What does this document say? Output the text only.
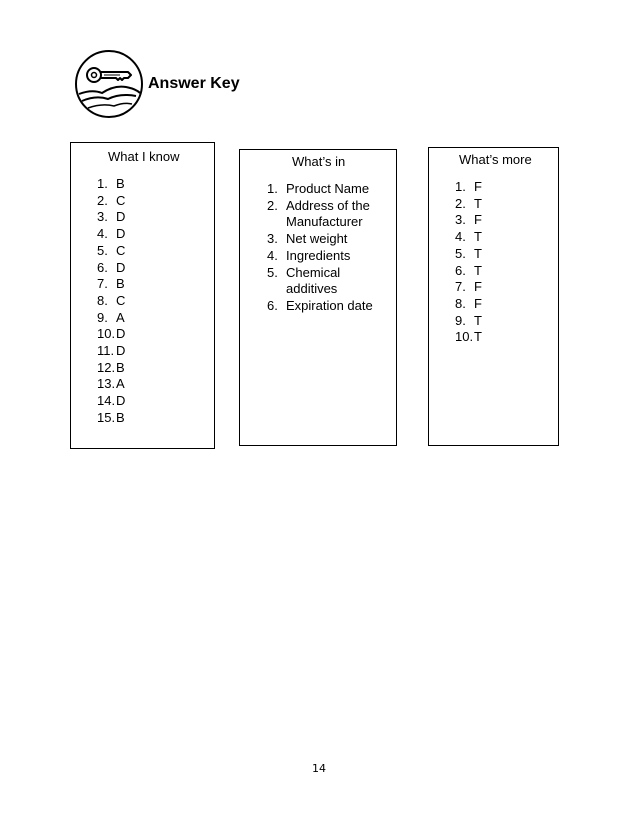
Answer Key
What I know
1. B
2. C
3. D
4. D
5. C
6. D
7. B
8. C
9. A
10. D
11. D
12. B
13. A
14. D
15. B
What’s in
1. Product Name
2. Address of the
Manufacturer
3. Net weight
4. Ingredients
5. Chemical
additives
6. Expiration date
What’s more
1. F
2. T
3. F
4. T
5. T
6. T
7. F
8. F
9. T
10. T
14
